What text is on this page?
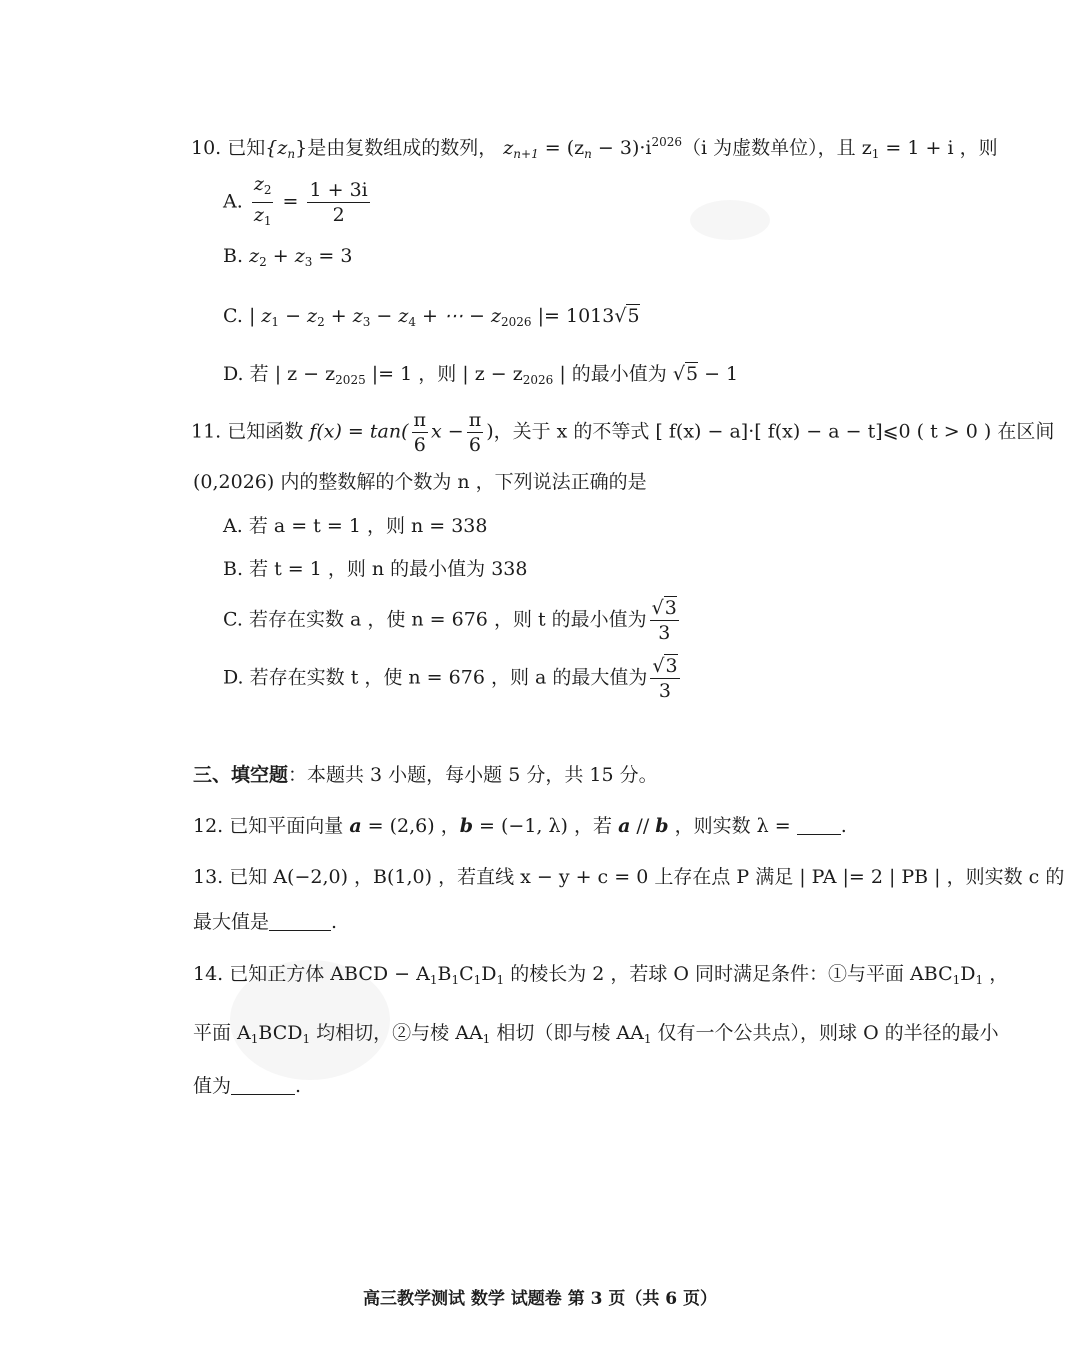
10. 已知$\{z_n\}$是由复数组成的数列， $z_{n+1} = (z_n - 3)\cdot i^{2026}(i$ 为虚数单位），且 $z_1 = 1 + i$ ，则
A. $\frac{z_2}{z_1} = \frac{1 + 3i}{2}$
B. $z_2 + z_3 = 3$
C. | $z_1 - z_2 + z_3 - z_4$ + ⋯ − $z_{2026}$ |= 1013√5
D. 若 | $z - z_{2025}$ |= 1 ，则 | $z - z_{2026}$ | 的最小值为 √5 − 1
11. 已知函数 $f(x) = \tan( \frac{\pi}{6}$ $x - \frac{\pi}{6}$ )，关于 x 的不等式 [ f(x) − a]·[ f(x) − a − t]⩽0 ( t > 0 ) 在区间
(0,2026) 内的整数解的个数为 n ，下列说法正确的是
A. 若 a = t = 1 ，则 n = 338
B. 若 t = 1 ，则 n 的最小值为 338
C. 若存在实数 a ，使 n = 676 ，则 t 的最小值为 $\frac{√3}{3}$
D. 若存在实数 t ，使 n = 676 ，则 a 的最大值为 $\frac{√3}{3}$
三、填空题：本题共 3 小题，每小题 5 分，共 15 分。
12. 已知平面向量 a = (2,6) ，b = (−1, λ) ，若 a // b ，则实数 λ =	.
13. 已知 A(−2,0) ，B(1,0) ，若直线 x − y + c = 0 上存在点 P 满足 | PA |= 2 | PB | ，则实数 c 的
最大值是	.
14. 已知正方体 ABCD − $A_1B_1C_1D_1$ 的棱长为 2 ，若球 O 同时满足条件：①与平面 $ABC_1D_1$ ，
平面 $A_1BCD_1$ 均相切，②与棱 $AA_1$ 相切（即与棱 $AA_1$ 仅有一个公共点），则球 O 的半径的最小
值为	.
高三教学测试 数学 试题卷 第 3 页（共 6 页）
